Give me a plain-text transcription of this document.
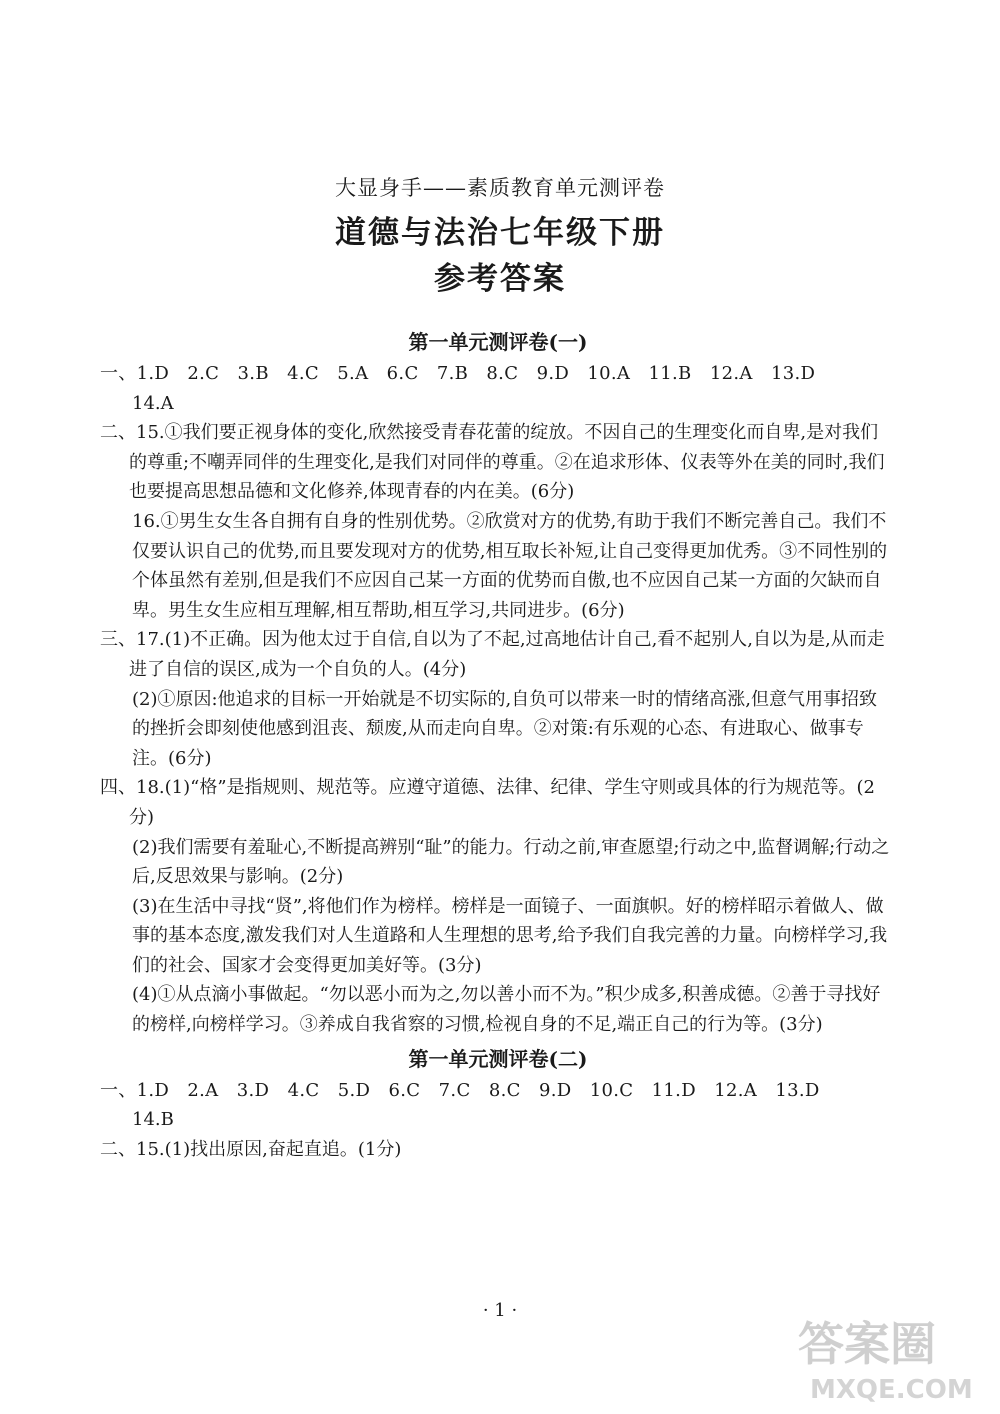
大显身手——素质教育单元测评卷
道德与法治七年级下册
参考答案
第一单元测评卷(一)
一、1.D　2.C　3.B　4.C　5.A　6.C　7.B　8.C　9.D　10.A　11.B　12.A　13.D
14.A
二、15.①我们要正视身体的变化,欣然接受青春花蕾的绽放。不因自己的生理变化而自卑,是对我们的尊重;不嘲弄同伴的生理变化,是我们对同伴的尊重。②在追求形体、仪表等外在美的同时,我们也要提高思想品德和文化修养,体现青春的内在美。(6分)
16.①男生女生各自拥有自身的性别优势。②欣赏对方的优势,有助于我们不断完善自己。我们不仅要认识自己的优势,而且要发现对方的优势,相互取长补短,让自己变得更加优秀。③不同性别的个体虽然有差别,但是我们不应因自己某一方面的优势而自傲,也不应因自己某一方面的欠缺而自卑。男生女生应相互理解,相互帮助,相互学习,共同进步。(6分)
三、17.(1)不正确。因为他太过于自信,自以为了不起,过高地估计自己,看不起别人,自以为是,从而走进了自信的误区,成为一个自负的人。(4分)
(2)①原因:他追求的目标一开始就是不切实际的,自负可以带来一时的情绪高涨,但意气用事招致的挫折会即刻使他感到沮丧、颓废,从而走向自卑。②对策:有乐观的心态、有进取心、做事专注。(6分)
四、18.(1)“格”是指规则、规范等。应遵守道德、法律、纪律、学生守则或具体的行为规范等。(2分)
(2)我们需要有羞耻心,不断提高辨别“耻”的能力。行动之前,审查愿望;行动之中,监督调解;行动之后,反思效果与影响。(2分)
(3)在生活中寻找“贤”,将他们作为榜样。榜样是一面镜子、一面旗帜。好的榜样昭示着做人、做事的基本态度,激发我们对人生道路和人生理想的思考,给予我们自我完善的力量。向榜样学习,我们的社会、国家才会变得更加美好等。(3分)
(4)①从点滴小事做起。“勿以恶小而为之,勿以善小而不为。”积少成多,积善成德。②善于寻找好的榜样,向榜样学习。③养成自我省察的习惯,检视自身的不足,端正自己的行为等。(3分)
第一单元测评卷(二)
一、1.D　2.A　3.D　4.C　5.D　6.C　7.C　8.C　9.D　10.C　11.D　12.A　13.D
14.B
二、15.(1)找出原因,奋起直追。(1分)
· 1 ·
答案圈
MXQE.COM
